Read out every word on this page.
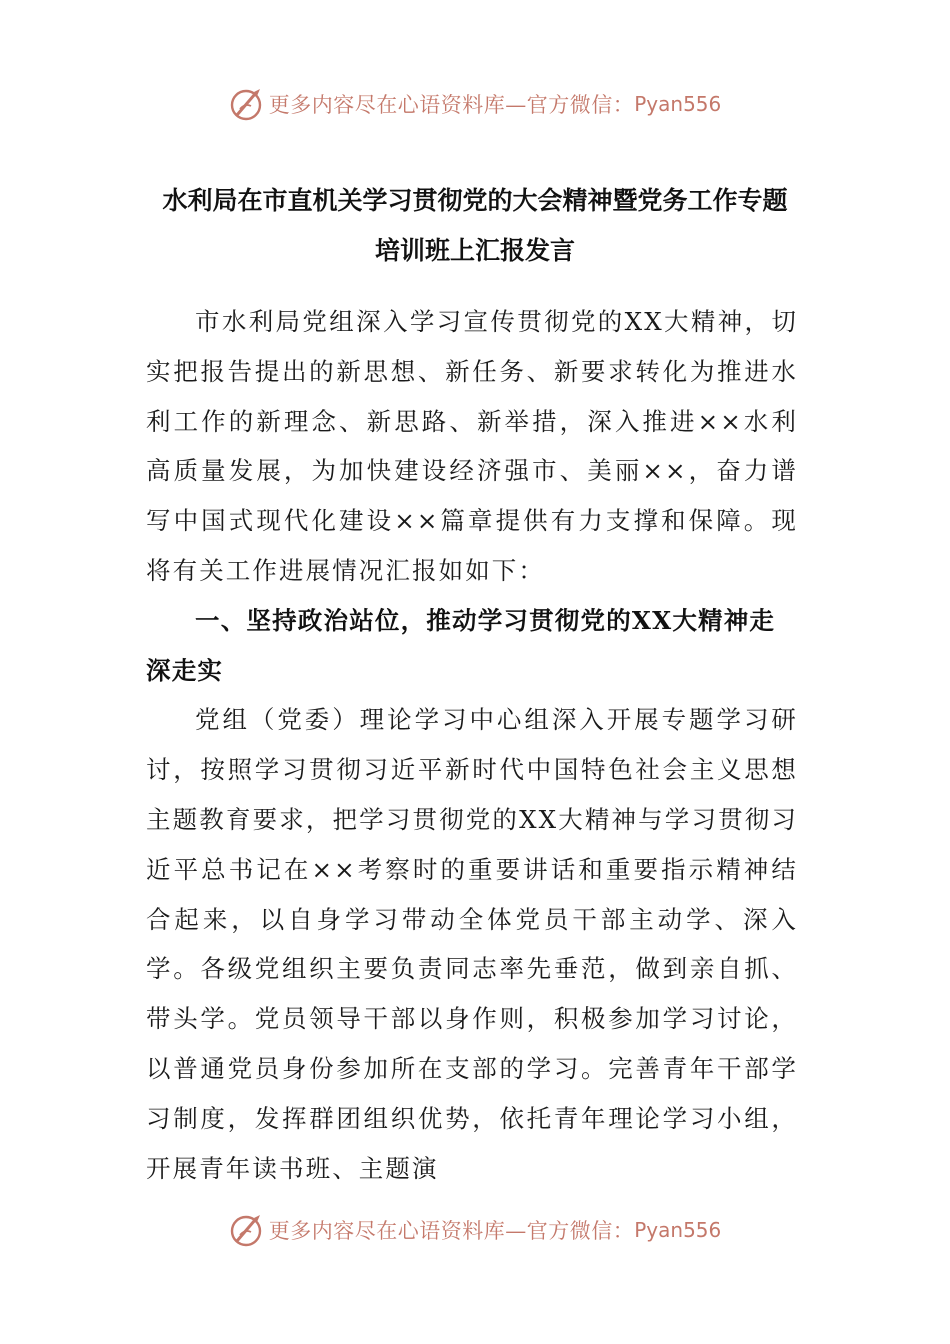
更多内容尽在心语资料库—官方微信： Pyan556
水利局在市直机关学习贯彻党的大会精神暨党务工作专题
培训班上汇报发言

市水利局党组深入学习宣传贯彻党的XX大精神，切实把报告提出的新思想、新任务、新要求转化为推进水利工作的新理念、新思路、新举措，深入推进××水利高质量发展，为加快建设经济强市、美丽××，奋力谱写中国式现代化建设××篇章提供有力支撑和保障。现将有关工作进展情况汇报如如下：

一、坚持政治站位，推动学习贯彻党的XX大精神走深走实

党组（党委）理论学习中心组深入开展专题学习研讨，按照学习贯彻习近平新时代中国特色社会主义思想主题教育要求，把学习贯彻党的XX大精神与学习贯彻习近平总书记在××考察时的重要讲话和重要指示精神结合起来，以自身学习带动全体党员干部主动学、深入学。各级党组织主要负责同志率先垂范，做到亲自抓、带头学。党员领导干部以身作则，积极参加学习讨论，以普通党员身份参加所在支部的学习。完善青年干部学习制度，发挥群团组织优势，依托青年理论学习小组，开展青年读书班、主题演

更多内容尽在心语资料库—官方微信： Pyan556
